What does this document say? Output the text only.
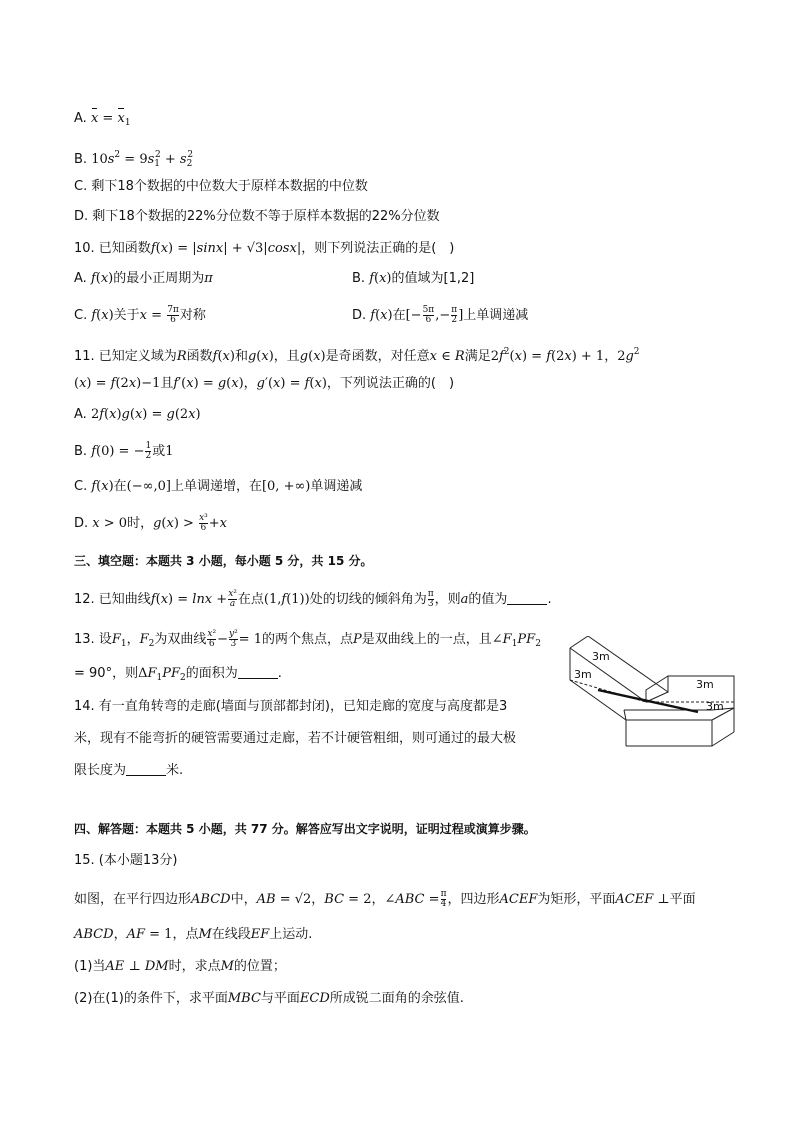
A. $x = x_1$
B. $10s^2 = 9s_1^2 + s_2^2$
C. 剩下18个数据的中位数大于原样本数据的中位数
D. 剩下18个数据的22%分位数不等于原样本数据的22%分位数
10. 已知函数f(x) = |sinx| + √3|cosx|，则下列说法正确的是(　)
A. f(x)的最小正周期为π	B. f(x)的值域为[1,2]
C. f(x)关于$x = \frac{7\pi}{6}$ 对称	D. f(x)在[− $\frac{5\pi}{6}$ ,− $\frac{\pi}{2}$ ]上单调递减
11. 已知定义域为R函数f(x)和g(x)，且g(x)是奇函数，对任意x ∈ R满足$2f^2(x) = f(2x) + 1$，$2g^2$
(x) = f(2x)−1且f′(x) = g(x)，g′(x) = f(x)，下列说法正确的(　)
A. 2f(x)g(x) = g(2x)
B. f(0) = − $\frac{1}{2}$ 或1
C. f(x)在(−∞,0]上单调递增，在[0, +∞)单调递减
D. x > 0时，$g(x) > \frac{\text{x³}}{6} +x$
三、填空题：本题共 3 小题，每小题 5 分，共 15 分。
12. 已知曲线$f(x) = \ln x + \frac{\text{x²}}{a}$ 在点(1,f(1))处的切线的倾斜角为 $\frac{\pi}{3}$ ，则a的值为	.
13. 设$F_1$，$F_2$为双曲线 $\frac{\text{x²}}{6} - \frac{\text{y²}}{3} = 1$的两个焦点，点P是双曲线上的一点，且$\angle F_1PF_2$
= 90°，则$\Delta F_1PF_2$的面积为	.
14. 有一直角转弯的走廊(墙面与顶部都封闭)，已知走廊的宽度与高度都是3
米，现有不能弯折的硬管需要通过走廊，若不计硬管粗细，则可通过的最大极
限长度为	米.
3m
3m
3m
3m
四、解答题：本题共 5 小题，共 77 分。解答应写出文字说明，证明过程或演算步骤。
15. (本小题13分)
如图，在平行四边形ABCD中，AB = √2，BC = 2，∠ABC = $\frac{\pi}{4}$ ，四边形ACEF为矩形，平面ACEF ⊥平面
ABCD，AF = 1，点M在线段EF上运动.
(1)当AE ⊥ DM时，求点M的位置；
(2)在(1)的条件下，求平面MBC与平面ECD所成锐二面角的余弦值.
